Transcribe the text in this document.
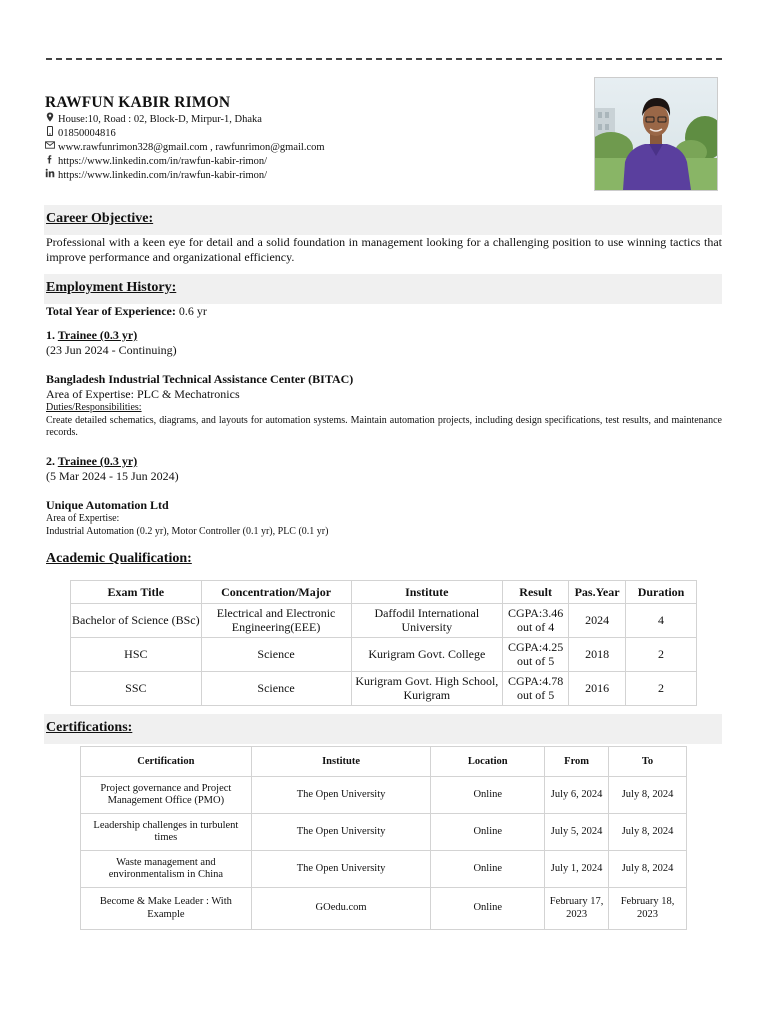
RAWFUN KABIR RIMON
House:10, Road : 02, Block-D, Mirpur-1, Dhaka
01850004816
www.rawfunrimon328@gmail.com , rawfunrimon@gmail.com
https://www.linkedin.com/in/rawfun-kabir-rimon/
https://www.linkedin.com/in/rawfun-kabir-rimon/
Career Objective:
Professional with a keen eye for detail and a solid foundation in management looking for a challenging position to use winning tactics that improve performance and organizational efficiency.
Employment History:
Total Year of Experience: 0.6 yr
1. Trainee (0.3 yr)
(23 Jun 2024 - Continuing)
Bangladesh Industrial Technical Assistance Center (BITAC)
Area of Expertise: PLC & Mechatronics
Duties/Responsibilities:
Create detailed schematics, diagrams, and layouts for automation systems. Maintain automation projects, including design specifications, test results, and maintenance records.
2. Trainee (0.3 yr)
(5 Mar 2024 - 15 Jun 2024)
Unique Automation Ltd
Area of Expertise:
Industrial Automation (0.2 yr), Motor Controller (0.1 yr), PLC (0.1 yr)
Academic Qualification:
Exam Title	Concentration/Major	Institute	Result	Pas.Year	Duration
Bachelor of Science (BSc)	Electrical and Electronic Engineering(EEE)	Daffodil International University	CGPA:3.46 out of 4	2024	4
HSC	Science	Kurigram Govt. College	CGPA:4.25 out of 5	2018	2
SSC	Science	Kurigram Govt. High School, Kurigram	CGPA:4.78 out of 5	2016	2
Certifications:
Certification	Institute	Location	From	To
Project governance and Project Management Office (PMO)	The Open University	Online	July 6, 2024	July 8, 2024
Leadership challenges in turbulent times	The Open University	Online	July 5, 2024	July 8, 2024
Waste management and environmentalism in China	The Open University	Online	July 1, 2024	July 8, 2024
Become & Make Leader : With Example	GOedu.com	Online	February 17, 2023	February 18, 2023
